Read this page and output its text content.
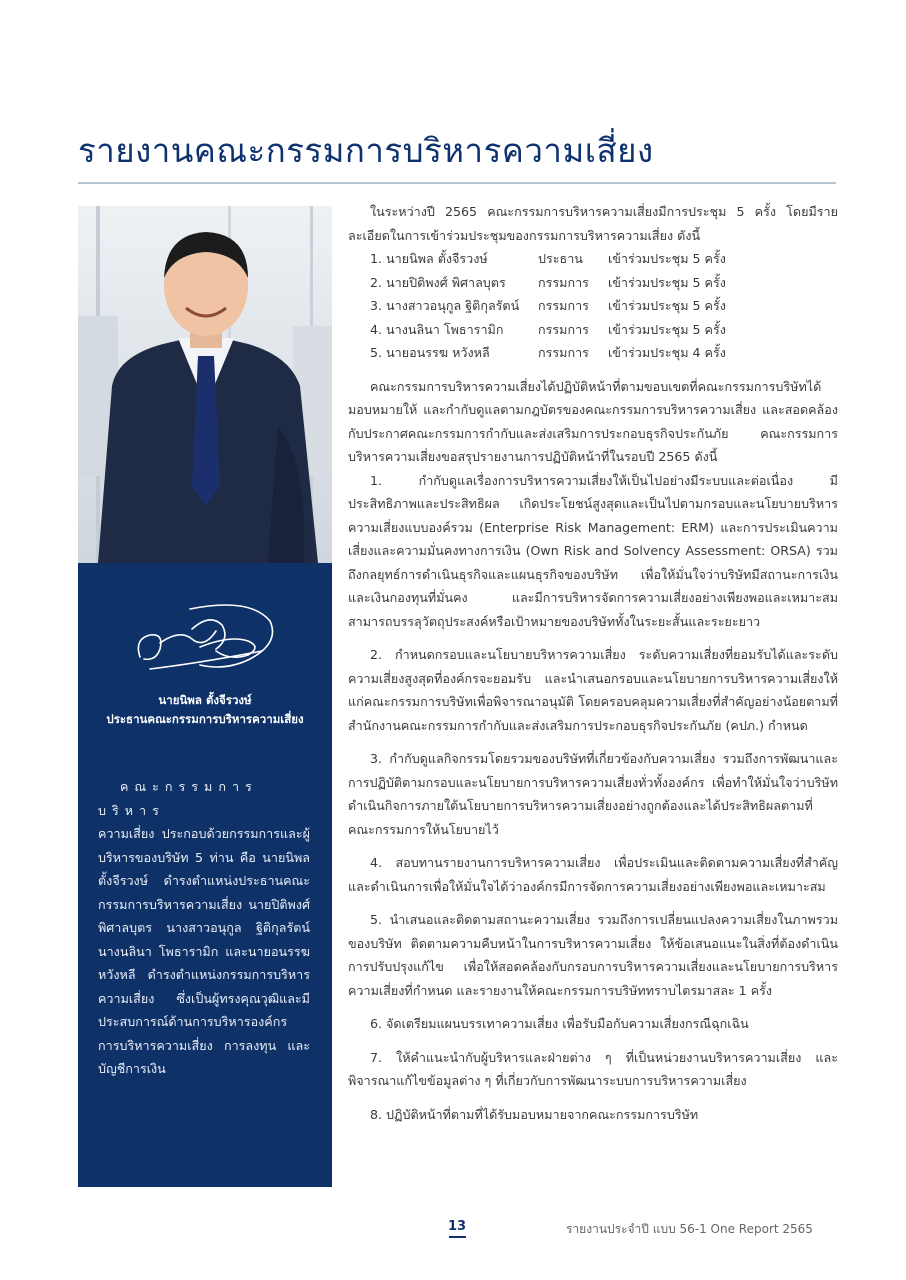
รายงานคณะกรรมการบริหารความเสี่ยง
นายนิพล ตั้งจีรวงษ์
ประธานคณะกรรมการบริหารความเสี่ยง
คณะกรรมการบริหาร
ความเสี่ยง ประกอบด้วยกรรมการและผู้บริหารของบริษัท 5 ท่าน คือ นายนิพล ตั้งจีรวงษ์ ดำรงตำแหน่งประธานคณะกรรมการบริหารความเสี่ยง นายปิติพงศ์ พิศาลบุตร นางสาวอนุกูล ฐิติกุลรัตน์ นางนลินา โพธารามิก และนายอนรรฆ หวังหลี ดำรงตำแหน่งกรรมการบริหารความเสี่ยง ซึ่งเป็นผู้ทรงคุณวุฒิและมีประสบการณ์ด้านการบริหารองค์กร การบริหารความเสี่ยง การลงทุน และบัญชีการเงิน

ในระหว่างปี 2565 คณะกรรมการบริหารความเสี่ยงมีการประชุม 5 ครั้ง โดยมีรายละเอียดในการเข้าร่วมประชุมของกรรมการบริหารความเสี่ยง ดังนี้

1. นายนิพล ตั้งจีรวงษ์	ประธาน	เข้าร่วมประชุม 5 ครั้ง
2. นายปิติพงศ์ พิศาลบุตร	กรรมการ	เข้าร่วมประชุม 5 ครั้ง
3. นางสาวอนุกูล ฐิติกุลรัตน์	กรรมการ	เข้าร่วมประชุม 5 ครั้ง
4. นางนลินา โพธารามิก	กรรมการ	เข้าร่วมประชุม 5 ครั้ง
5. นายอนรรฆ หวังหลี	กรรมการ	เข้าร่วมประชุม 4 ครั้ง

คณะกรรมการบริหารความเสี่ยงได้ปฏิบัติหน้าที่ตามขอบเขตที่คณะกรรมการบริษัทได้มอบหมายให้ และกำกับดูแลตามกฎบัตรของคณะกรรมการบริหารความเสี่ยง และสอดคล้องกับประกาศคณะกรรมการกำกับและส่งเสริมการประกอบธุรกิจประกันภัย คณะกรรมการบริหารความเสี่ยงขอสรุปรายงานการปฏิบัติหน้าที่ในรอบปี 2565 ดังนี้

1. กำกับดูแลเรื่องการบริหารความเสี่ยงให้เป็นไปอย่างมีระบบและต่อเนื่อง มีประสิทธิภาพและประสิทธิผล เกิดประโยชน์สูงสุดและเป็นไปตามกรอบและนโยบายบริหารความเสี่ยงแบบองค์รวม (Enterprise Risk Management: ERM) และการประเมินความเสี่ยงและความมั่นคงทางการเงิน (Own Risk and Solvency Assessment: ORSA) รวมถึงกลยุทธ์การดำเนินธุรกิจและแผนธุรกิจของบริษัท เพื่อให้มั่นใจว่าบริษัทมีสถานะการเงินและเงินกองทุนที่มั่นคง และมีการบริหารจัดการความเสี่ยงอย่างเพียงพอและเหมาะสม สามารถบรรลุวัตถุประสงค์หรือเป้าหมายของบริษัททั้งในระยะสั้นและระยะยาว

2. กำหนดกรอบและนโยบายบริหารความเสี่ยง ระดับความเสี่ยงที่ยอมรับได้และระดับความเสี่ยงสูงสุดที่องค์กรจะยอมรับ และนำเสนอกรอบและนโยบายการบริหารความเสี่ยงให้แก่คณะกรรมการบริษัทเพื่อพิจารณาอนุมัติ โดยครอบคลุมความเสี่ยงที่สำคัญอย่างน้อยตามที่สำนักงานคณะกรรมการกำกับและส่งเสริมการประกอบธุรกิจประกันภัย (คปภ.) กำหนด

3. กำกับดูแลกิจกรรมโดยรวมของบริษัทที่เกี่ยวข้องกับความเสี่ยง รวมถึงการพัฒนาและการปฏิบัติตามกรอบและนโยบายการบริหารความเสี่ยงทั่วทั้งองค์กร เพื่อทำให้มั่นใจว่าบริษัทดำเนินกิจการภายใต้นโยบายการบริหารความเสี่ยงอย่างถูกต้องและได้ประสิทธิผลตามที่คณะกรรมการให้นโยบายไว้

4. สอบทานรายงานการบริหารความเสี่ยง เพื่อประเมินและติดตามความเสี่ยงที่สำคัญ และดำเนินการเพื่อให้มั่นใจได้ว่าองค์กรมีการจัดการความเสี่ยงอย่างเพียงพอและเหมาะสม

5. นำเสนอและติดตามสถานะความเสี่ยง รวมถึงการเปลี่ยนแปลงความเสี่ยงในภาพรวมของบริษัท ติดตามความคืบหน้าในการบริหารความเสี่ยง ให้ข้อเสนอแนะในสิ่งที่ต้องดำเนินการปรับปรุงแก้ไข เพื่อให้สอดคล้องกับกรอบการบริหารความเสี่ยงและนโยบายการบริหารความเสี่ยงที่กำหนด และรายงานให้คณะกรรมการบริษัททราบไตรมาสละ 1 ครั้ง

6. จัดเตรียมแผนบรรเทาความเสี่ยง เพื่อรับมือกับความเสี่ยงกรณีฉุกเฉิน

7. ให้คำแนะนำกับผู้บริหารและฝ่ายต่าง ๆ ที่เป็นหน่วยงานบริหารความเสี่ยง และพิจารณาแก้ไขข้อมูลต่าง ๆ ที่เกี่ยวกับการพัฒนาระบบการบริหารความเสี่ยง

8. ปฏิบัติหน้าที่ตามที่ได้รับมอบหมายจากคณะกรรมการบริษัท

13	รายงานประจำปี แบบ 56-1 One Report 2565
